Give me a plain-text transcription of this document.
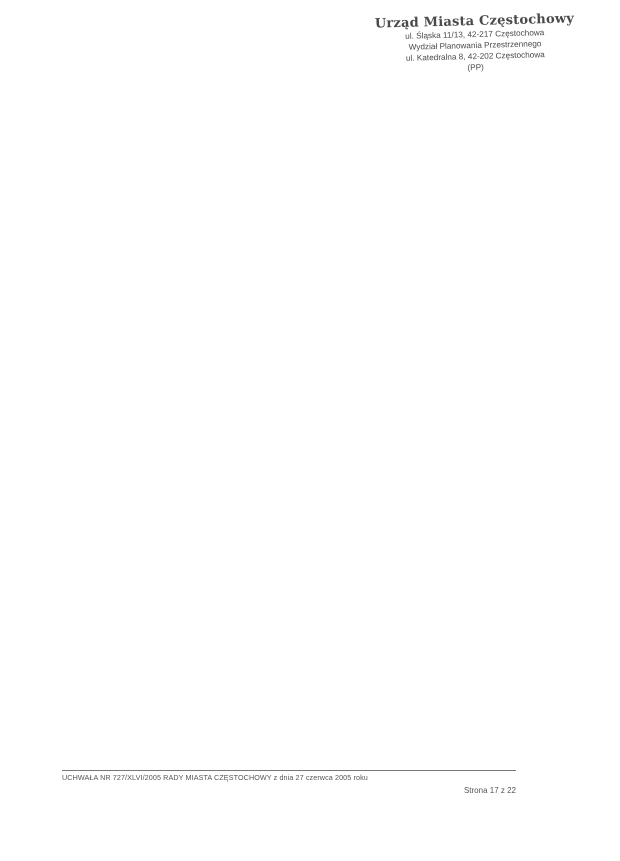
Urząd Miasta Częstochowy
ul. Śląska 11/13, 42-217 Częstochowa
Wydział Planowania Przestrzennego
ul. Katedralna 8, 42-202 Częstochowa
(PP)
UCHWAŁA NR 727/XLVI/2005 RADY MIASTA CZĘSTOCHOWY z dnia 27 czerwca 2005 roku
Strona 17 z 22
